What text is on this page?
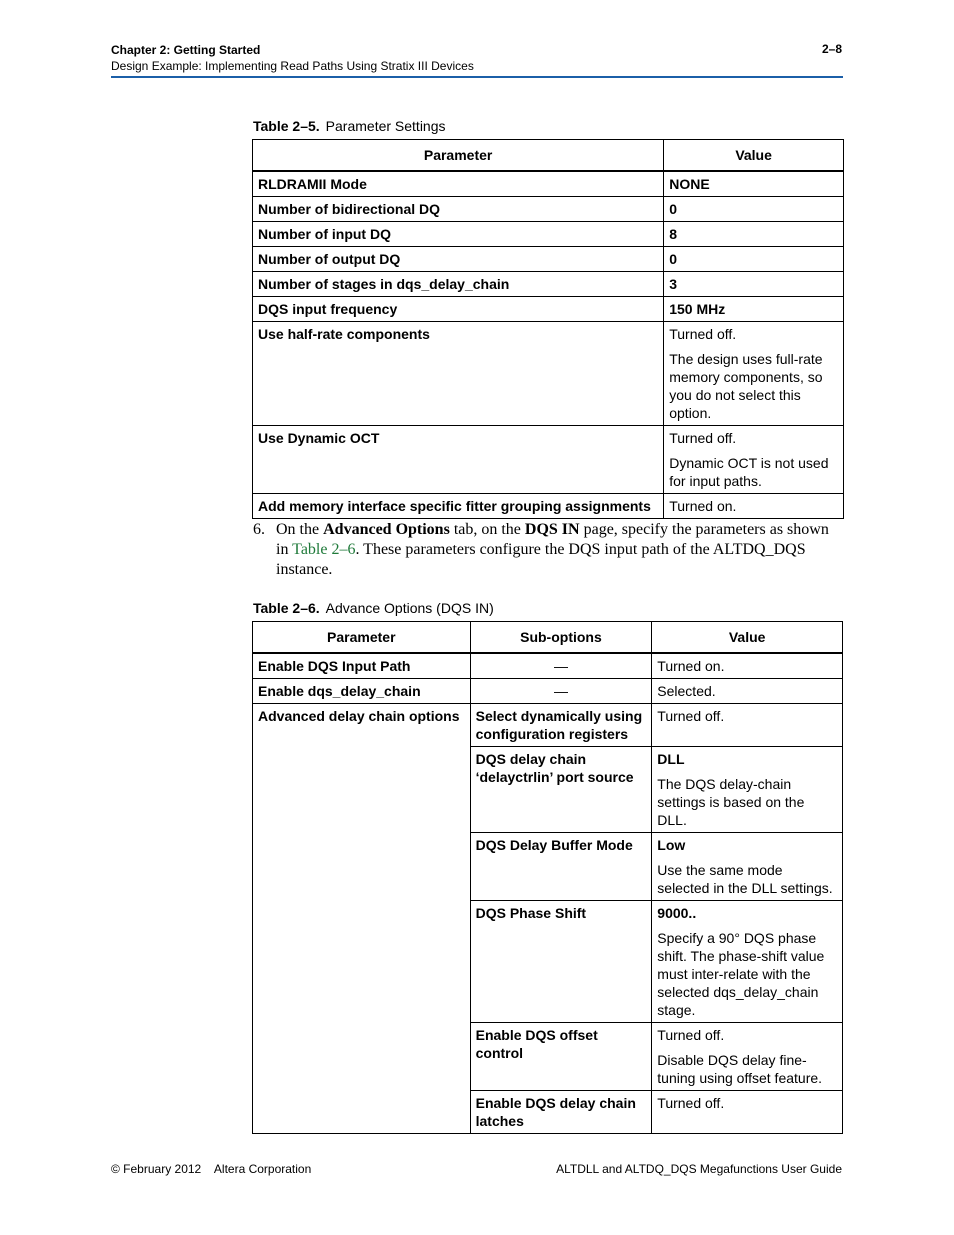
Chapter 2: Getting Started
Design Example: Implementing Read Paths Using Stratix III Devices
2–8
Table 2–5. Parameter Settings
Parameter	Value
RLDRAMII Mode	NONE
Number of bidirectional DQ	0
Number of input DQ	8
Number of output DQ	0
Number of stages in dqs_delay_chain	3
DQS input frequency	150 MHz
Use half-rate components	Turned off.

The design uses full-rate memory components, so you do not select this option.

Use Dynamic OCT	Turned off.

Dynamic OCT is not used for input paths.

Add memory interface specific fitter grouping assignments	Turned on.
6. On the Advanced Options tab, on the DQS IN page, specify the parameters as shown in Table 2–6. These parameters configure the DQS input path of the ALTDQ_DQS instance.
Table 2–6. Advance Options (DQS IN)
Parameter	Sub-options	Value
Enable DQS Input Path	—	Turned on.
Enable dqs_delay_chain	—	Selected.
Advanced delay chain options	Select dynamically using configuration registers	Turned off.
	DQS delay chain ‘delayctrlin’ port source	DLL

The DQS delay-chain settings is based on the DLL.

	DQS Delay Buffer Mode	Low

Use the same mode selected in the DLL settings.

	DQS Phase Shift	9000..

Specify a 90° DQS phase shift. The phase-shift value must inter-relate with the selected dqs_delay_chain stage.

	Enable DQS offset control	Turned off.

Disable DQS delay fine-tuning using offset feature.

	Enable DQS delay chain latches	Turned off.
© February 2012    Altera Corporation	ALTDLL and ALTDQ_DQS Megafunctions User Guide
